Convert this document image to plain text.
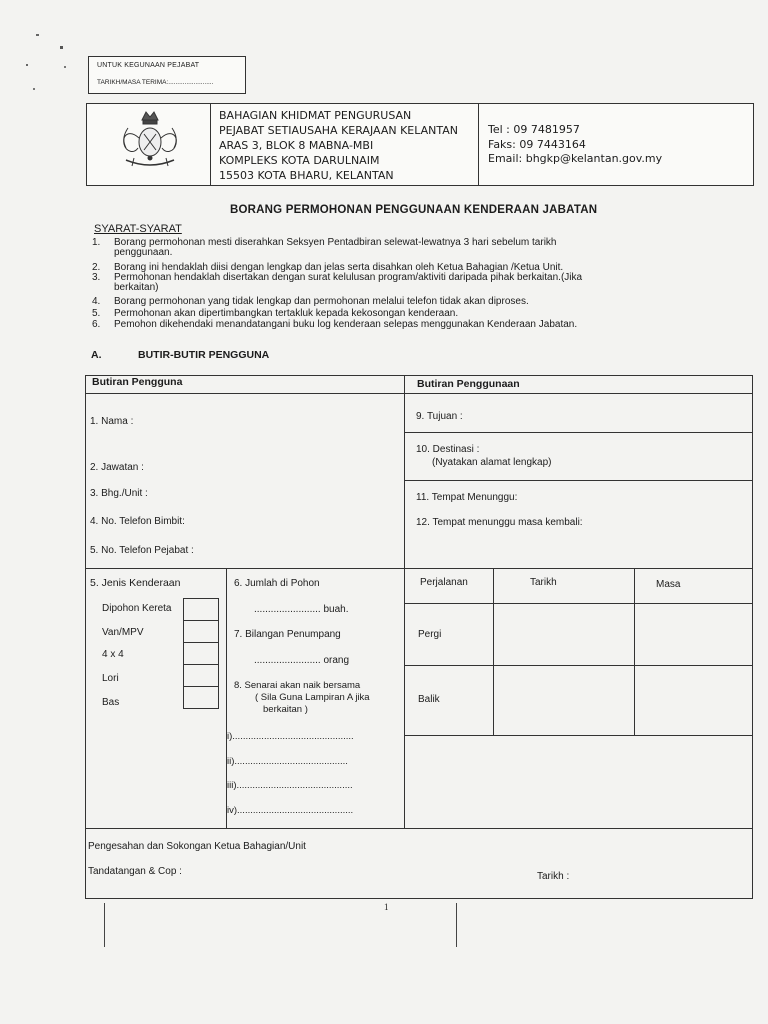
UNTUK KEGUNAAN PEJABAT
TARIKH/MASA TERIMA:.........................
BAHAGIAN KHIDMAT PENGURUSAN
PEJABAT SETIAUSAHA KERAJAAN KELANTAN
ARAS 3, BLOK 8 MABNA-MBI
KOMPLEKS KOTA DARULNAIM
15503 KOTA BHARU, KELANTAN
Tel : 09 7481957
Faks: 09 7443164
Email: bhgkp@kelantan.gov.my
BORANG PERMOHONAN PENGGUNAAN KENDERAAN JABATAN
SYARAT-SYARAT
1.	Borang permohonan mesti diserahkan Seksyen Pentadbiran selewat-lewatnya 3 hari sebelum tarikh
penggunaan.
2.	Borang ini hendaklah diisi dengan lengkap dan jelas serta disahkan oleh Ketua Bahagian /Ketua Unit.
3.	Permohonan hendaklah disertakan dengan surat kelulusan program/aktiviti daripada pihak berkaitan.(Jika
berkaitan)
4.	Borang permohonan yang tidak lengkap dan permohonan melalui telefon tidak akan diproses.
5.	Permohonan akan dipertimbangkan tertakluk kepada kekosongan kenderaan.
6.	Pemohon dikehendaki menandatangani buku log kenderaan selepas menggunakan Kenderaan Jabatan.
A.	BUTIR-BUTIR PENGGUNA
Butiran Pengguna
1. Nama :
2. Jawatan :
3. Bhg./Unit :
4. No. Telefon Bimbit:
5. No. Telefon Pejabat :
Butiran Penggunaan
9. Tujuan :
10. Destinasi :
(Nyatakan alamat lengkap)
11. Tempat Menunggu:
12. Tempat menunggu masa kembali:
5. Jenis Kenderaan
Dipohon Kereta
Van/MPV
4 x 4
Lori
Bas
6. Jumlah di Pohon
........................ buah.
7. Bilangan Penumpang
........................ orang
8. Senarai akan naik bersama
( Sila Guna Lampiran A jika
berkaitan )
i)..............................................
ii)...........................................
iii)............................................
iv)............................................
Perjalanan	Tarikh	Masa
Pergi
Balik
Pengesahan dan Sokongan Ketua Bahagian/Unit
Tandatangan & Cop :	Tarikh :
1
